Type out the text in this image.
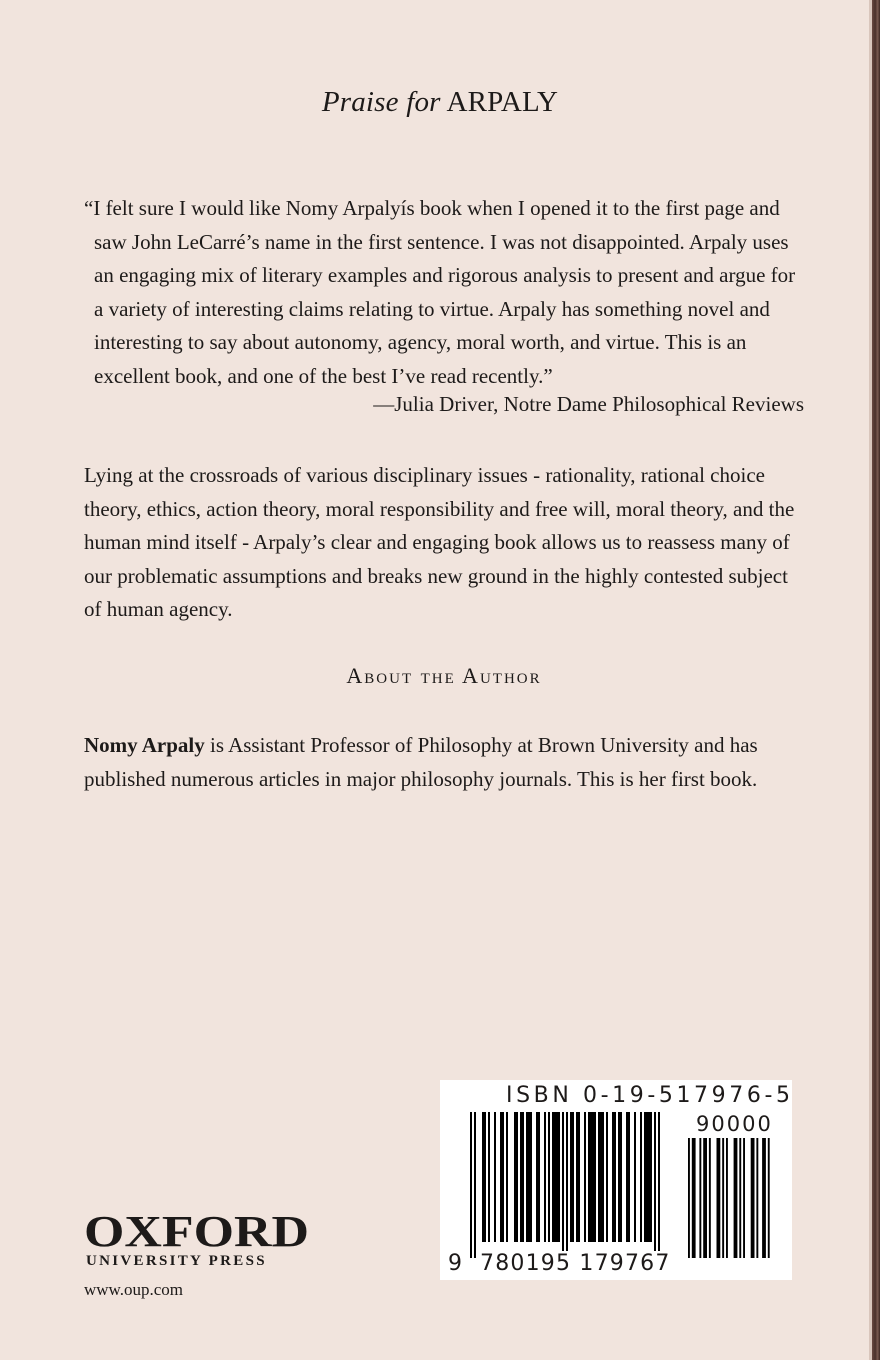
Praise for ARPALY

“I felt sure I would like Nomy Arpalyís book when I opened it to the first page and saw John LeCarré’s name in the first sentence. I was not disappointed. Arpaly uses an engaging mix of literary examples and rigorous analysis to present and argue for a variety of interesting claims relating to virtue. Arpaly has something novel and interesting to say about autonomy, agency, moral worth, and virtue. This is an excellent book, and one of the best I’ve read recently.”

—Julia Driver, Notre Dame Philosophical Reviews

Lying at the crossroads of various disciplinary issues - rationality, rational choice theory, ethics, action theory, moral responsibility and free will, moral theory, and the human mind itself - Arpaly’s clear and engaging book allows us to reassess many of our problematic assumptions and breaks new ground in the highly contested subject of human agency.

About the Author

Nomy Arpaly is Assistant Professor of Philosophy at Brown University and has published numerous articles in major philosophy journals. This is her first book.

OXFORD
UNIVERSITY PRESS
www.oup.com
ISBN 0-19-517976-5
90000
9 780195 179767
